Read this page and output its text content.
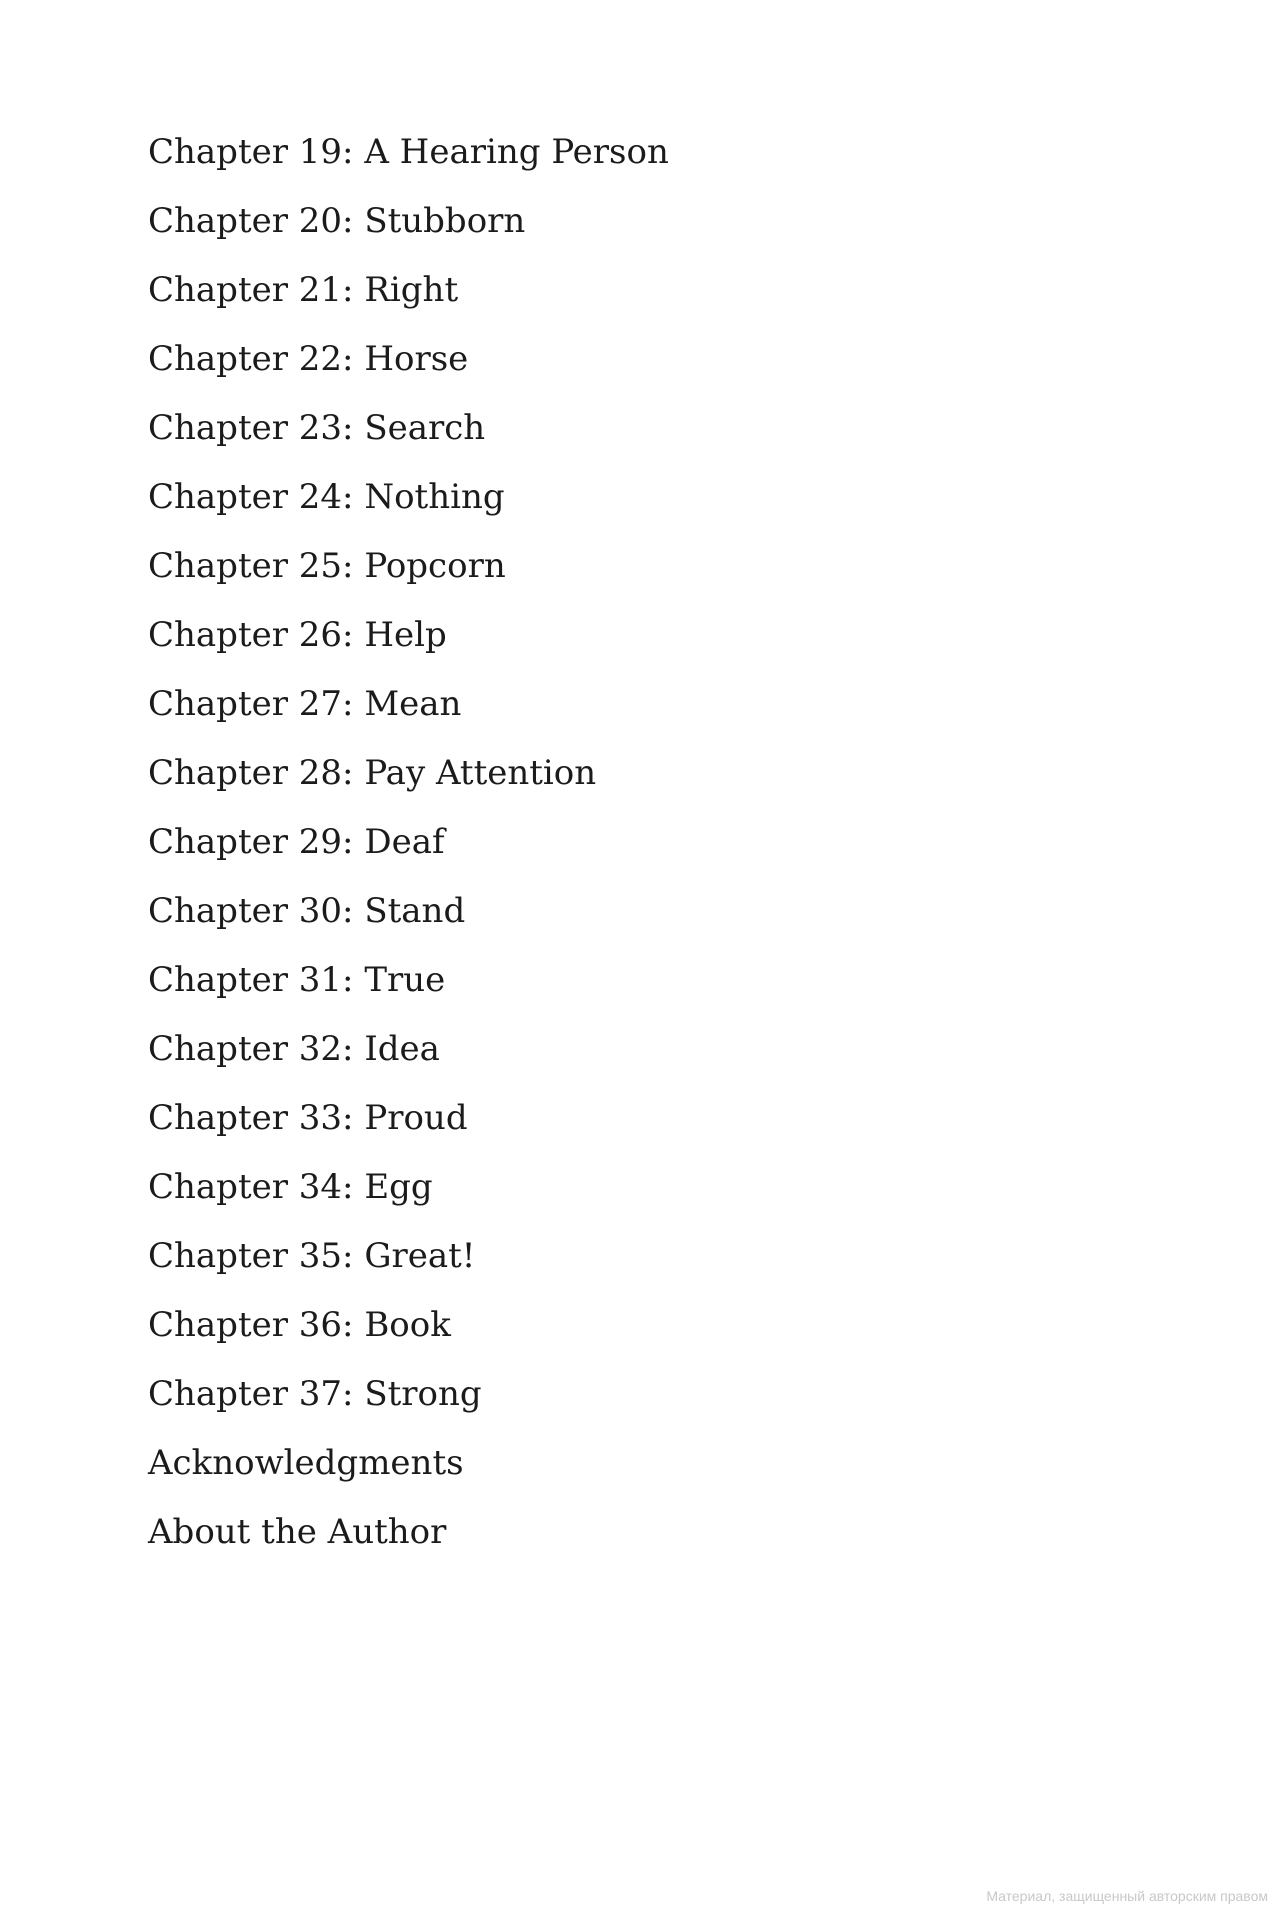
Chapter 19: A Hearing Person
Chapter 20: Stubborn
Chapter 21: Right
Chapter 22: Horse
Chapter 23: Search
Chapter 24: Nothing
Chapter 25: Popcorn
Chapter 26: Help
Chapter 27: Mean
Chapter 28: Pay Attention
Chapter 29: Deaf
Chapter 30: Stand
Chapter 31: True
Chapter 32: Idea
Chapter 33: Proud
Chapter 34: Egg
Chapter 35: Great!
Chapter 36: Book
Chapter 37: Strong
Acknowledgments
About the Author
Материал, защищенный авторским правом
